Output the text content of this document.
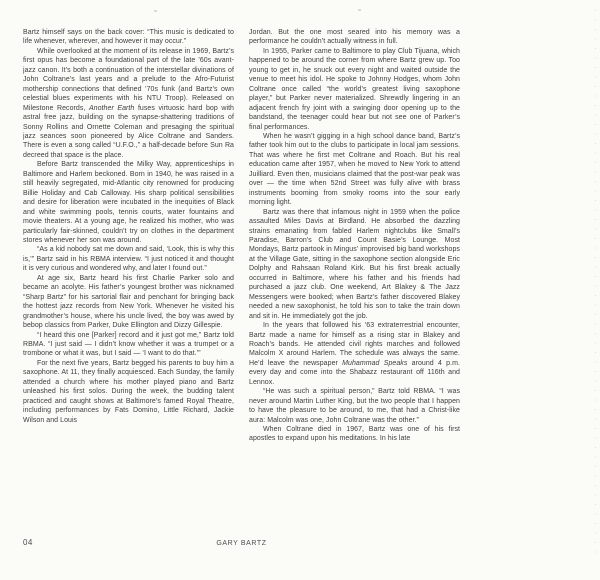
Bartz himself says on the back cover: “This music is dedicated to life whenever, wherever, and however it may occur.”

While overlooked at the moment of its release in 1969, Bartz’s first opus has become a foundational part of the late ’60s avant-jazz canon. It’s both a continuation of the interstellar divinations of John Coltrane’s last years and a prelude to the Afro-Futurist mothership connections that defined ’70s funk (and Bartz’s own celestial blues experiments with his NTU Troop). Released on Milestone Records, Another Earth fuses virtuosic hard bop with astral free jazz, building on the synapse-shattering traditions of Sonny Rollins and Ornette Coleman and presaging the spiritual jazz seances soon pioneered by Alice Coltrane and Sanders. There is even a song called “U.F.O.,” a half-decade before Sun Ra decreed that space is the place.

Before Bartz transcended the Milky Way, apprenticeships in Baltimore and Harlem beckoned. Born in 1940, he was raised in a still heavily segregated, mid-Atlantic city renowned for producing Billie Holiday and Cab Calloway. His sharp political sensibilities and desire for liberation were incubated in the inequities of Black and white swimming pools, tennis courts, water fountains and movie theaters. At a young age, he realized his mother, who was particularly fair-skinned, couldn’t try on clothes in the department stores whenever her son was around.

“As a kid nobody sat me down and said, ‘Look, this is why this is,’” Bartz said in his RBMA interview. “I just noticed it and thought it is very curious and wondered why, and later I found out.”

At age six, Bartz heard his first Charlie Parker solo and became an acolyte. His father’s youngest brother was nicknamed “Sharp Bartz” for his sartorial flair and penchant for bringing back the hottest jazz records from New York. Whenever he visited his grandmother’s house, where his uncle lived, the boy was awed by bebop classics from Parker, Duke Ellington and Dizzy Gillespie.

“I heard this one [Parker] record and it just got me,” Bartz told RBMA. “I just said — I didn’t know whether it was a trumpet or a trombone or what it was, but I said — ‘I want to do that.’”

For the next five years, Bartz begged his parents to buy him a saxophone. At 11, they finally acquiesced. Each Sunday, the family attended a church where his mother played piano and Bartz unleashed his first solos. During the week, the budding talent practiced and caught shows at Baltimore’s famed Royal Theatre, including performances by Fats Domino, Little Richard, Jackie Wilson and Louis

Jordan. But the one most seared into his memory was a performance he couldn’t actually witness in full.

In 1955, Parker came to Baltimore to play Club Tijuana, which happened to be around the corner from where Bartz grew up. Too young to get in, he snuck out every night and waited outside the venue to meet his idol. He spoke to Johnny Hodges, whom John Coltrane once called “the world’s greatest living saxophone player,” but Parker never materialized. Shrewdly lingering in an adjacent french fry joint with a swinging door opening up to the bandstand, the teenager could hear but not see one of Parker’s final performances.

When he wasn’t gigging in a high school dance band, Bartz’s father took him out to the clubs to participate in local jam sessions. That was where he first met Coltrane and Roach. But his real education came after 1957, when he moved to New York to attend Juilliard. Even then, musicians claimed that the post-war peak was over — the time when 52nd Street was fully alive with brass instruments booming from smoky rooms into the sour early morning light.

Bartz was there that infamous night in 1959 when the police assaulted Miles Davis at Birdland. He absorbed the dazzling strains emanating from fabled Harlem nightclubs like Small’s Paradise, Barron’s Club and Count Basie’s Lounge. Most Mondays, Bartz partook in Mingus’ improvised big band workshops at the Village Gate, sitting in the saxophone section alongside Eric Dolphy and Rahsaan Roland Kirk. But his first break actually occurred in Baltimore, where his father and his friends had purchased a jazz club. One weekend, Art Blakey & The Jazz Messengers were booked; when Bartz’s father discovered Blakey needed a new saxophonist, he told his son to take the train down and sit in. He immediately got the job.

In the years that followed his ’63 extraterrestrial encounter, Bartz made a name for himself as a rising star in Blakey and Roach’s bands. He attended civil rights marches and followed Malcolm X around Harlem. The schedule was always the same. He’d leave the newspaper Muhammad Speaks around 4 p.m. every day and come into the Shabazz restaurant off 116th and Lennox.

“He was such a spiritual person,” Bartz told RBMA. “I was never around Martin Luther King, but the two people that I happen to have the pleasure to be around, to me, that had a Christ-like aura: Malcolm was one, John Coltrane was the other.”

When Coltrane died in 1967, Bartz was one of his first apostles to expand upon his meditations. In his late

04	GARY BARTZ
